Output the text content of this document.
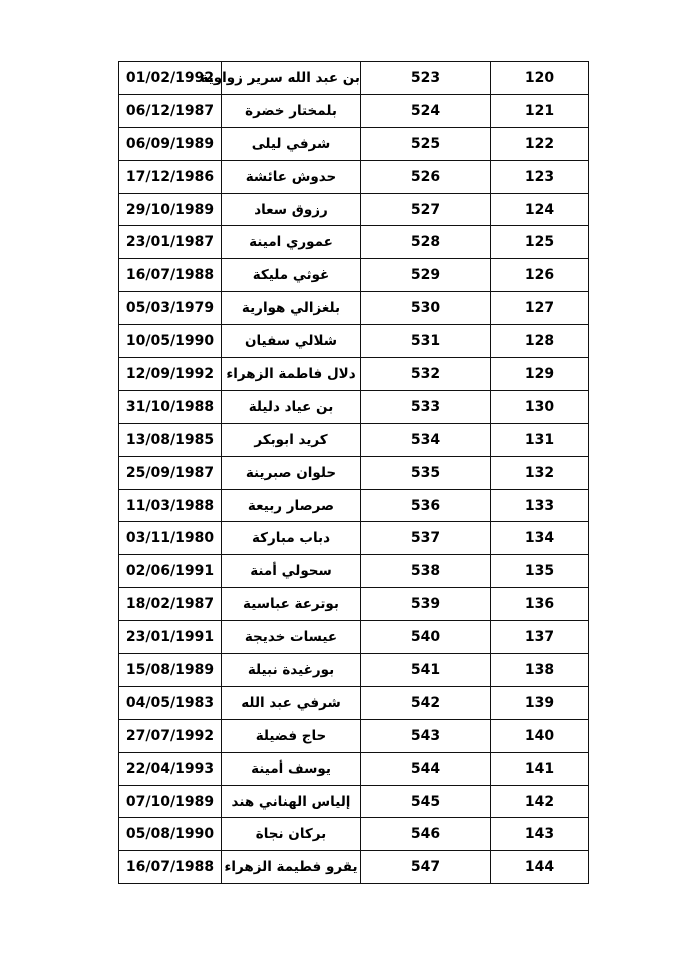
01/02/1992	بن عبد الله سرير زواوية	523	120
06/12/1987	بلمختار خضرة	524	121
06/09/1989	شرفي ليلى	525	122
17/12/1986	حدوش عائشة	526	123
29/10/1989	رزوق سعاد	527	124
23/01/1987	عموري امينة	528	125
16/07/1988	غوثي مليكة	529	126
05/03/1979	بلغزالي هوارية	530	127
10/05/1990	شلالي سفيان	531	128
12/09/1992	دلال فاطمة الزهراء	532	129
31/10/1988	بن عياد دليلة	533	130
13/08/1985	كريد ابوبكر	534	131
25/09/1987	حلوان صبرينة	535	132
11/03/1988	صرصار ربيعة	536	133
03/11/1980	دباب مباركة	537	134
02/06/1991	سحولي أمنة	538	135
18/02/1987	بوترعة عباسية	539	136
23/01/1991	عيسات خديجة	540	137
15/08/1989	بورغيدة نبيلة	541	138
04/05/1983	شرفي عبد الله	542	139
27/07/1992	حاج فضيلة	543	140
22/04/1993	يوسف أمينة	544	141
07/10/1989	إلياس الهناني هند	545	142
05/08/1990	بركان نجاة	546	143
16/07/1988	يقرو فطيمة الزهراء	547	144
